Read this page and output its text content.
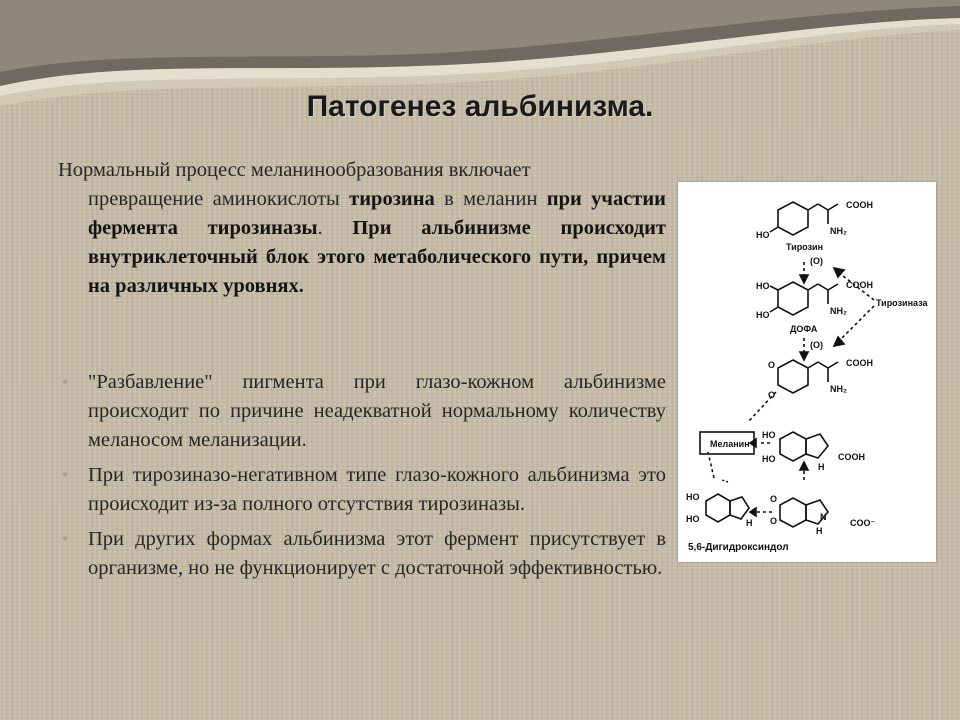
Патогенез альбинизма.
Нормальный процесс меланинообразования включает
превращение аминокислоты тирозина в меланин при участии фермента тирозиназы. При альбинизме происходит внутриклеточный блок этого метаболического пути, причем на различных уровнях.
• "Разбавление" пигмента при глазо-кожном альбинизме происходит по причине неадекватной нормальному количеству меланосом меланизации.
• При тирозиназо-негативном типе глазо-кожного альбинизма это происходит из-за полного отсутствия тирозиназы.
• При других формах альбинизма этот фермент присутствует в организме, но не функционирует с достаточной эффективностью.
COOH
NH₂
HO
Тирозин
(О)
COOH
NH₂
HO
HO
ДОФА
(О)
Тирозиназа
COOH
NH₂
O
O
Меланин
HO
HO
H
COOH
HO
HO	H
O
O	N
H
COO⁻
5,6-Дигидроксиндол
